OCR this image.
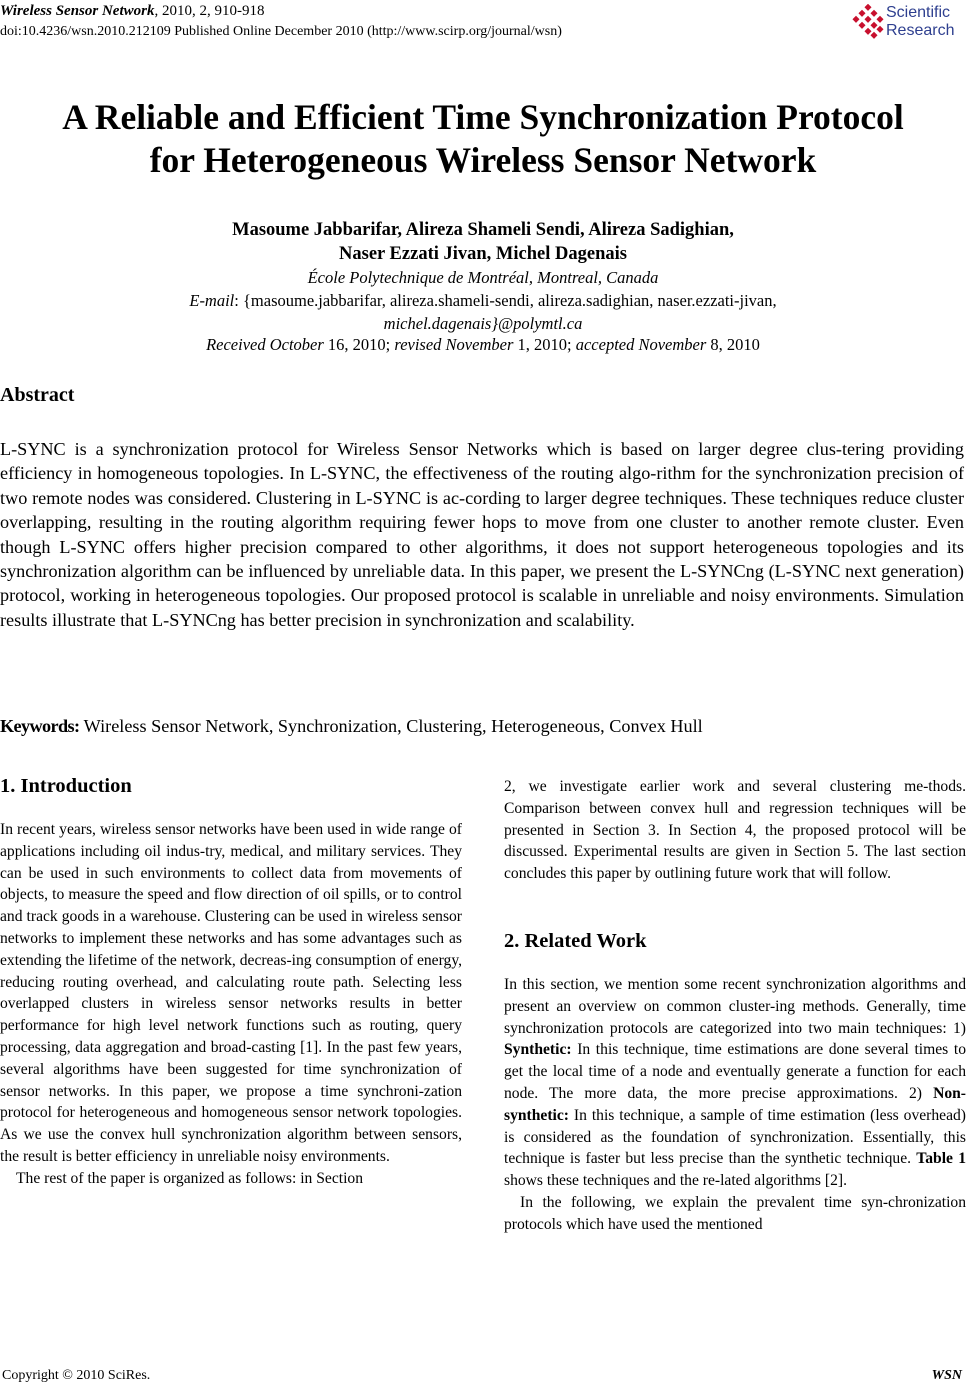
Wireless Sensor Network, 2010, 2, 910-918
doi:10.4236/wsn.2010.212109 Published Online December 2010 (http://www.scirp.org/journal/wsn)
Scientific
Research
A Reliable and Efficient Time Synchronization Protocol
for Heterogeneous Wireless Sensor Network
Masoume Jabbarifar, Alireza Shameli Sendi, Alireza Sadighian,
Naser Ezzati Jivan, Michel Dagenais
École Polytechnique de Montréal, Montreal, Canada
E-mail: {masoume.jabbarifar, alireza.shameli-sendi, alireza.sadighian, naser.ezzati-jivan,
michel.dagenais}@polymtl.ca
Received October 16, 2010; revised November 1, 2010; accepted November 8, 2010
Abstract
L-SYNC is a synchronization protocol for Wireless Sensor Networks which is based on larger degree clus-tering providing efficiency in homogeneous topologies. In L-SYNC, the effectiveness of the routing algo-rithm for the synchronization precision of two remote nodes was considered. Clustering in L-SYNC is ac-cording to larger degree techniques. These techniques reduce cluster overlapping, resulting in the routing algorithm requiring fewer hops to move from one cluster to another remote cluster. Even though L-SYNC offers higher precision compared to other algorithms, it does not support heterogeneous topologies and its synchronization algorithm can be influenced by unreliable data. In this paper, we present the L-SYNCng (L-SYNC next generation) protocol, working in heterogeneous topologies. Our proposed protocol is scalable in unreliable and noisy environments. Simulation results illustrate that L-SYNCng has better precision in synchronization and scalability.
Keywords: Wireless Sensor Network, Synchronization, Clustering, Heterogeneous, Convex Hull
1. Introduction

In recent years, wireless sensor networks have been used in wide range of applications including oil indus-try, medical, and military services. They can be used in such environments to collect data from movements of objects, to measure the speed and flow direction of oil spills, or to control and track goods in a warehouse. Clustering can be used in wireless sensor networks to implement these networks and has some advantages such as extending the lifetime of the network, decreas-ing consumption of energy, reducing routing overhead, and calculating route path. Selecting less overlapped clusters in wireless sensor networks results in better performance for high level network functions such as routing, query processing, data aggregation and broad-casting [1]. In the past few years, several algorithms have been suggested for time synchronization of sensor networks. In this paper, we propose a time synchroni-zation protocol for heterogeneous and homogeneous sensor network topologies. As we use the convex hull synchronization algorithm between sensors, the result is better efficiency in unreliable noisy environments.

The rest of the paper is organized as follows: in Section

2, we investigate earlier work and several clustering me-thods. Comparison between convex hull and regression techniques will be presented in Section 3. In Section 4, the proposed protocol will be discussed. Experimental results are given in Section 5. The last section concludes this paper by outlining future work that will follow.

2. Related Work

In this section, we mention some recent synchronization algorithms and present an overview on common cluster-ing methods. Generally, time synchronization protocols are categorized into two main techniques: 1) Synthetic: In this technique, time estimations are done several times to get the local time of a node and eventually generate a function for each node. The more data, the more precise approximations. 2) Non-synthetic: In this technique, a sample of time estimation (less overhead) is considered as the foundation of synchronization. Essentially, this technique is faster but less precise than the synthetic technique. Table 1 shows these techniques and the re-lated algorithms [2].

In the following, we explain the prevalent time syn-chronization protocols which have used the mentioned

Copyright © 2010 SciRes.	WSN
